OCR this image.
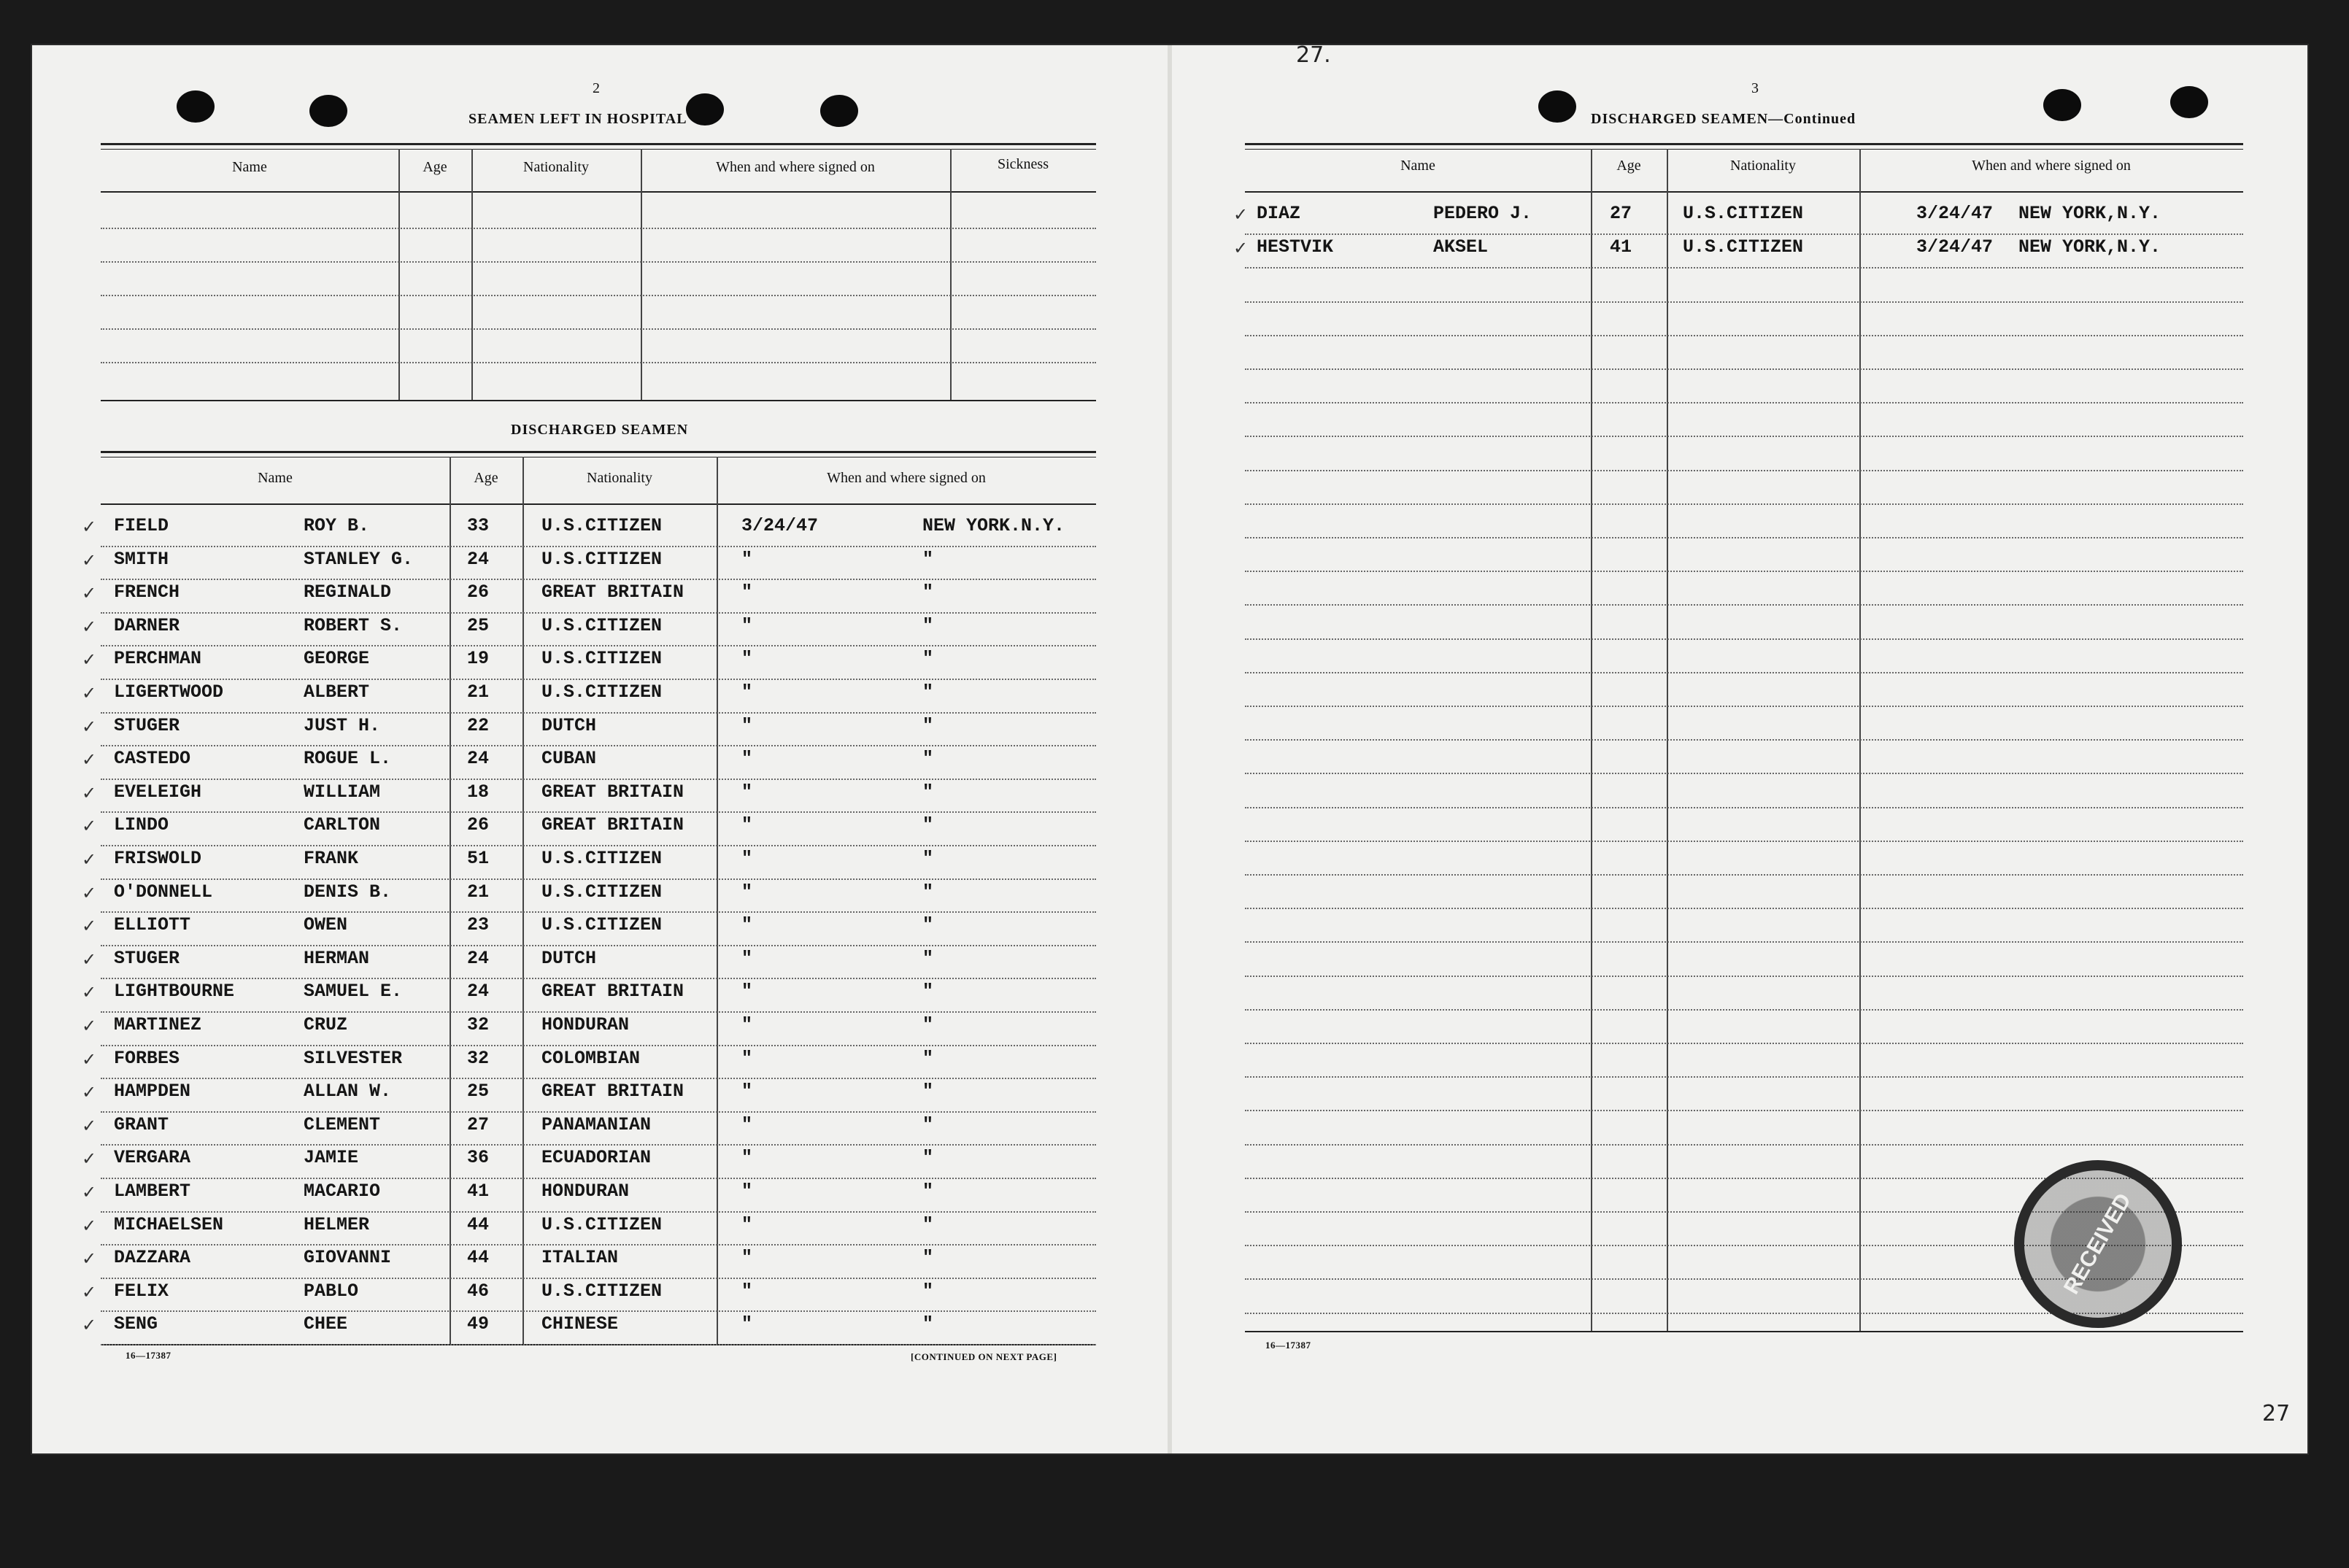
27.
27
2
SEAMEN LEFT IN HOSPITAL
Name	Age	Nationality	When and where signed on	Sickness
DISCHARGED SEAMEN
Name	Age	Nationality	When and where signed on
✓ FIELD	ROY B.	33	U.S.CITIZEN	3/24/47	NEW YORK.N.Y.
✓ SMITH	STANLEY G.	24	U.S.CITIZEN	"	"
✓ FRENCH	REGINALD	26	GREAT BRITAIN	"	"
✓ DARNER	ROBERT S.	25	U.S.CITIZEN	"	"
✓ PERCHMAN	GEORGE	19	U.S.CITIZEN	"	"
✓ LIGERTWOOD	ALBERT	21	U.S.CITIZEN	"	"
✓ STUGER	JUST H.	22	DUTCH	"	"
✓ CASTEDO	ROGUE L.	24	CUBAN	"	"
✓ EVELEIGH	WILLIAM	18	GREAT BRITAIN	"	"
✓ LINDO	CARLTON	26	GREAT BRITAIN	"	"
✓ FRISWOLD	FRANK	51	U.S.CITIZEN	"	"
✓ O'DONNELL	DENIS B.	21	U.S.CITIZEN	"	"
✓ ELLIOTT	OWEN	23	U.S.CITIZEN	"	"
✓ STUGER	HERMAN	24	DUTCH	"	"
✓ LIGHTBOURNE	SAMUEL E.	24	GREAT BRITAIN	"	"
✓ MARTINEZ	CRUZ	32	HONDURAN	"	"
✓ FORBES	SILVESTER	32	COLOMBIAN	"	"
✓ HAMPDEN	ALLAN W.	25	GREAT BRITAIN	"	"
✓ GRANT	CLEMENT	27	PANAMANIAN	"	"
✓ VERGARA	JAMIE	36	ECUADORIAN	"	"
✓ LAMBERT	MACARIO	41	HONDURAN	"	"
✓ MICHAELSEN	HELMER	44	U.S.CITIZEN	"	"
✓ DAZZARA	GIOVANNI	44	ITALIAN	"	"
✓ FELIX	PABLO	46	U.S.CITIZEN	"	"
✓ SENG	CHEE	49	CHINESE	"	"
16—17387	[CONTINUED ON NEXT PAGE]
3
DISCHARGED SEAMEN—Continued
Name	Age	Nationality	When and where signed on
✓ DIAZ	PEDERO J.	27	U.S.CITIZEN	3/24/47 NEW YORK,N.Y.
✓ HESTVIK	AKSEL	41	U.S.CITIZEN	3/24/47 NEW YORK,N.Y.
16—17387
RECEIVED
